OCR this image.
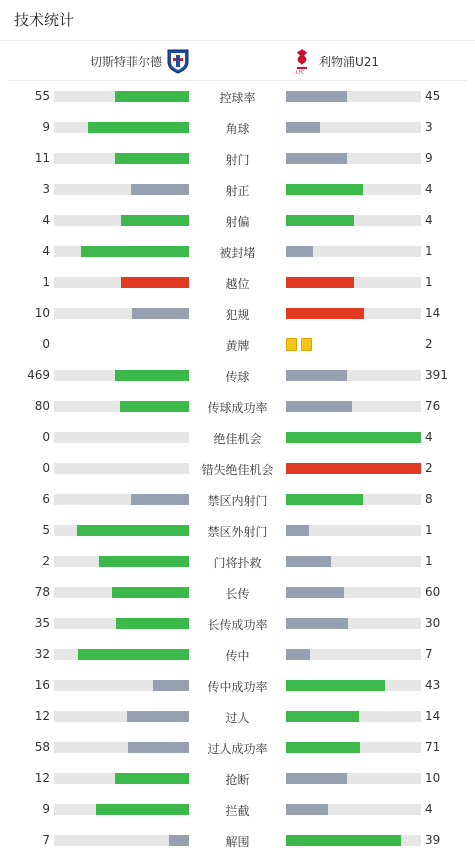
技术统计
切斯特菲尔德
LFC
利物浦U21
55	控球率	45
9	角球	3
11	射门	9
3	射正	4
4	射偏	4
4	被封堵	1
1	越位	1
10	犯规	14
0	黄牌	2
469	传球	391
80	传球成功率	76
0	绝佳机会	4
0	错失绝佳机会	2
6	禁区内射门	8
5	禁区外射门	1
2	门将扑救	1
78	长传	60
35	长传成功率	30
32	传中	7
16	传中成功率	43
12	过人	14
58	过人成功率	71
12	抢断	10
9	拦截	4
7	解围	39
